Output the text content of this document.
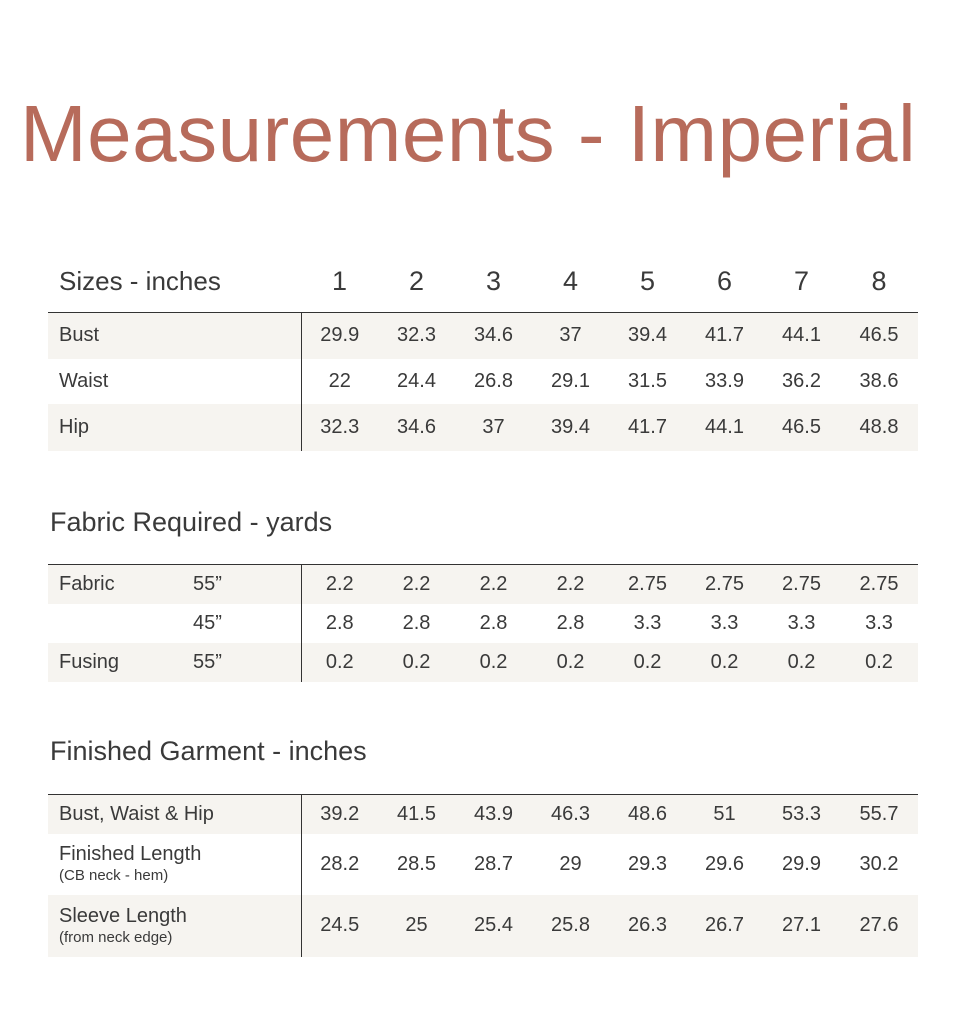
Measurements - Imperial
Sizes - inches	1	2	3	4	5	6	7	8
Bust	29.9	32.3	34.6	37	39.4	41.7	44.1	46.5
Waist	22	24.4	26.8	29.1	31.5	33.9	36.2	38.6
Hip	32.3	34.6	37	39.4	41.7	44.1	46.5	48.8
Fabric Required - yards
Fabric	55”	2.2	2.2	2.2	2.2	2.75	2.75	2.75	2.75
	45”	2.8	2.8	2.8	2.8	3.3	3.3	3.3	3.3
Fusing	55”	0.2	0.2	0.2	0.2	0.2	0.2	0.2	0.2
Finished Garment - inches
Bust, Waist & Hip	39.2	41.5	43.9	46.3	48.6	51	53.3	55.7

Finished Length
(CB neck - hem)	28.2	28.5	28.7	29	29.3	29.6	29.9	30.2

Sleeve Length
(from neck edge)	24.5	25	25.4	25.8	26.3	26.7	27.1	27.6
